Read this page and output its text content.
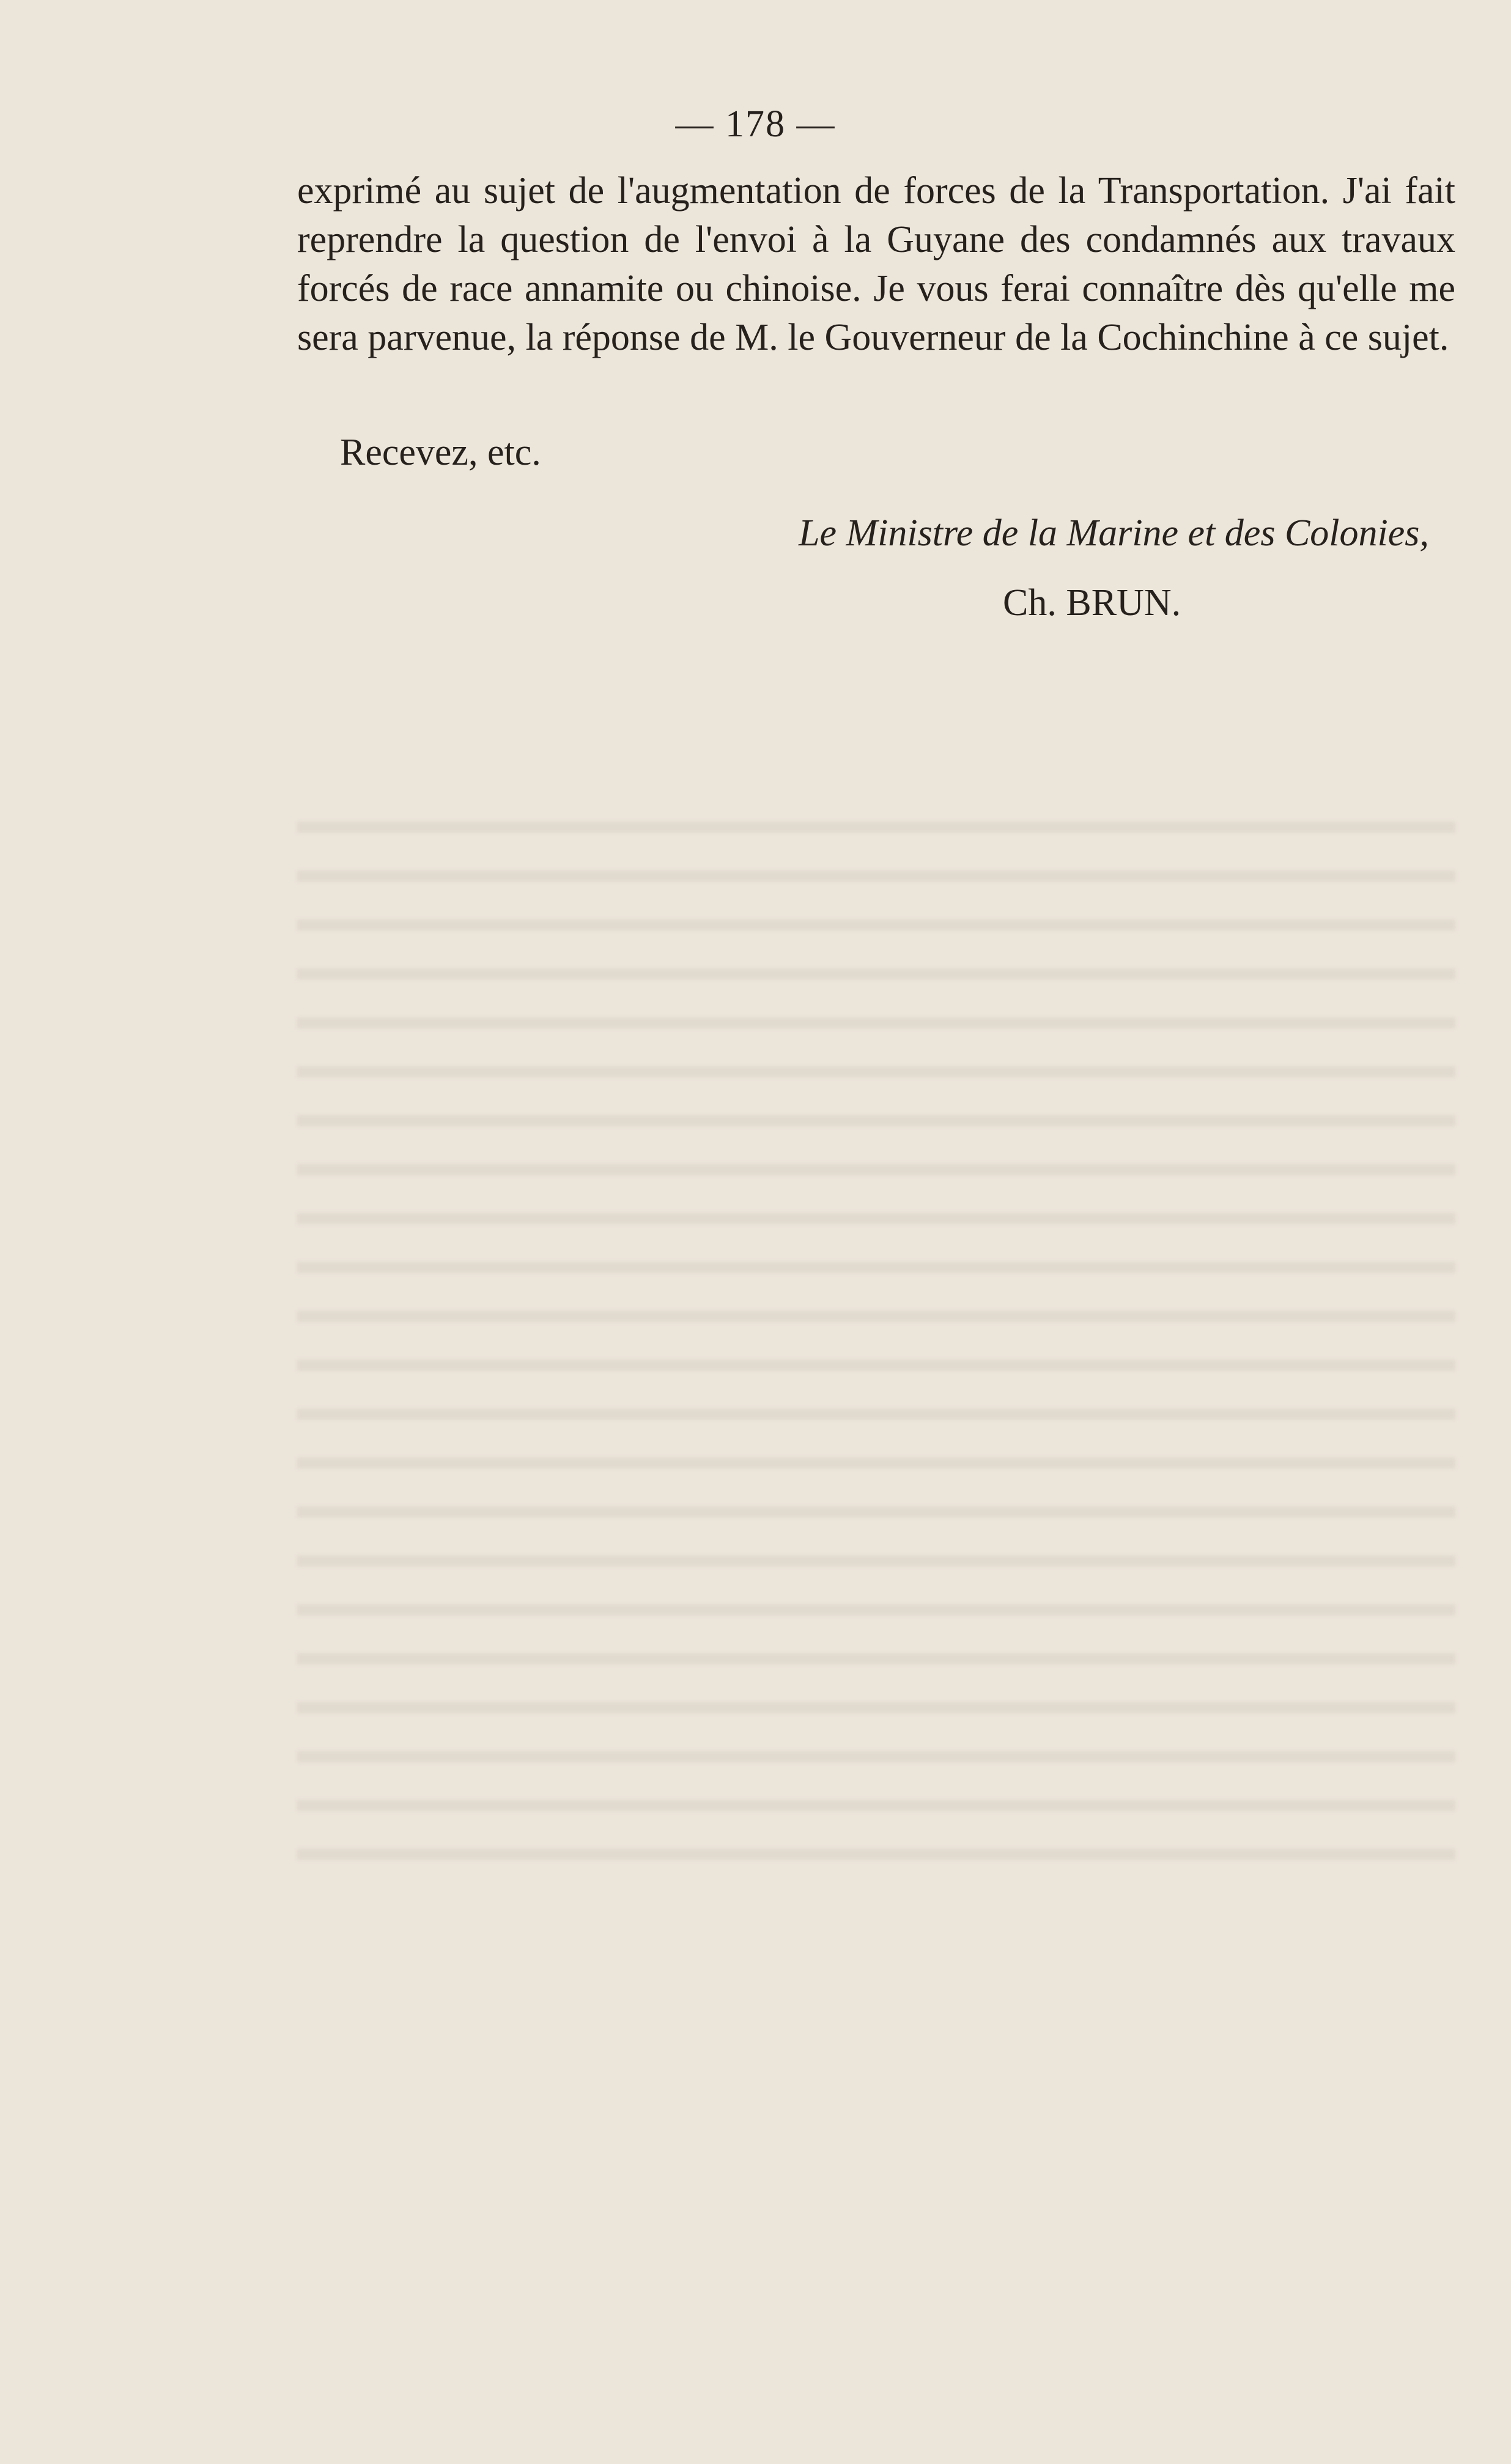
— 178 —

exprimé au sujet de l'augmentation de forces de la Transportation. J'ai fait reprendre la question de l'envoi à la Guyane des condamnés aux travaux forcés de race annamite ou chinoise. Je vous ferai connaître dès qu'elle me sera parvenue, la réponse de M. le Gouverneur de la Cochinchine à ce sujet.

Recevez, etc.
Le Ministre de la Marine et des Colonies,
Ch. BRUN.
